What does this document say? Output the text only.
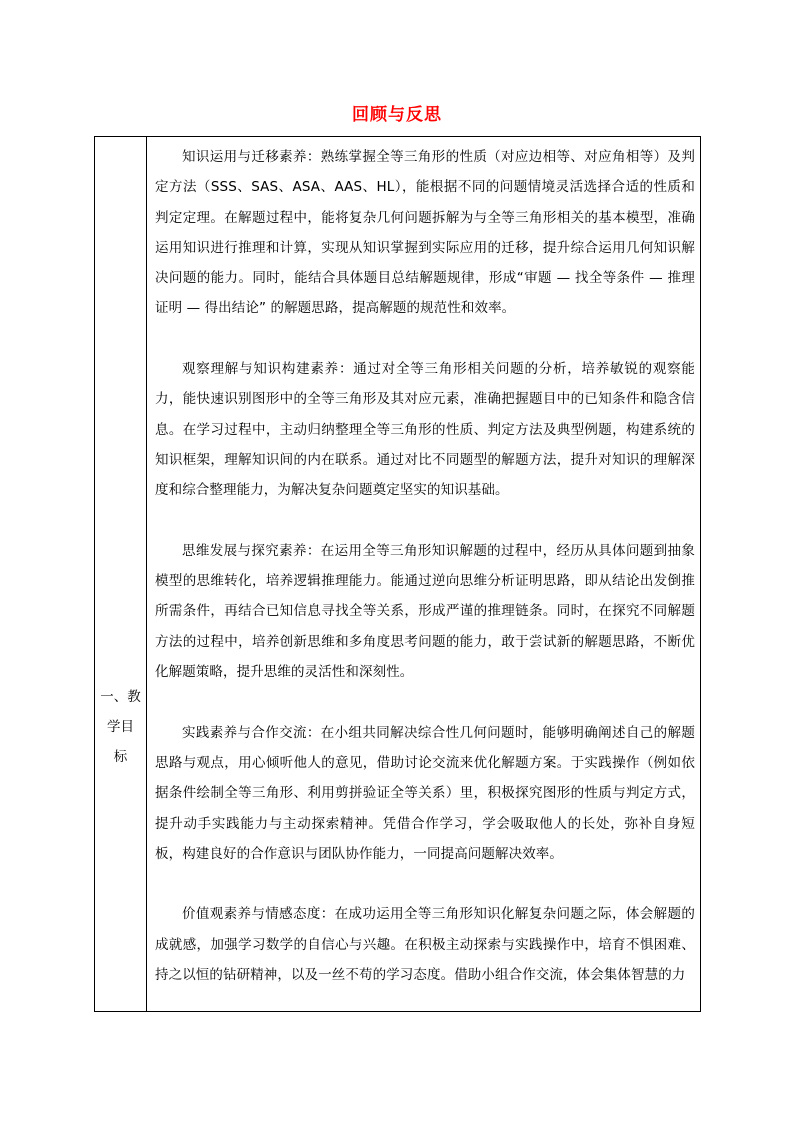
回顾与反思
一、教
学目
标

知识运用与迁移素养：熟练掌握全等三角形的性质（对应边相等、对应角相等）及判定方法（SSS、SAS、ASA、AAS、HL），能根据不同的问题情境灵活选择合适的性质和判定定理。在解题过程中，能将复杂几何问题拆解为与全等三角形相关的基本模型，准确运用知识进行推理和计算，实现从知识掌握到实际应用的迁移，提升综合运用几何知识解决问题的能力。同时，能结合具体题目总结解题规律，形成“审题 — 找全等条件 — 推理证明 — 得出结论” 的解题思路，提高解题的规范性和效率。

观察理解与知识构建素养：通过对全等三角形相关问题的分析，培养敏锐的观察能力，能快速识别图形中的全等三角形及其对应元素，准确把握题目中的已知条件和隐含信息。在学习过程中，主动归纳整理全等三角形的性质、判定方法及典型例题，构建系统的知识框架，理解知识间的内在联系。通过对比不同题型的解题方法，提升对知识的理解深度和综合整理能力，为解决复杂问题奠定坚实的知识基础。

思维发展与探究素养：在运用全等三角形知识解题的过程中，经历从具体问题到抽象模型的思维转化，培养逻辑推理能力。能通过逆向思维分析证明思路，即从结论出发倒推所需条件，再结合已知信息寻找全等关系，形成严谨的推理链条。同时，在探究不同解题方法的过程中，培养创新思维和多角度思考问题的能力，敢于尝试新的解题思路，不断优化解题策略，提升思维的灵活性和深刻性。

实践素养与合作交流：在小组共同解决综合性几何问题时，能够明确阐述自己的解题思路与观点，用心倾听他人的意见，借助讨论交流来优化解题方案。于实践操作（例如依据条件绘制全等三角形、利用剪拼验证全等关系）里，积极探究图形的性质与判定方式，提升动手实践能力与主动探索精神。凭借合作学习，学会吸取他人的长处，弥补自身短板，构建良好的合作意识与团队协作能力，一同提高问题解决效率。

价值观素养与情感态度：在成功运用全等三角形知识化解复杂问题之际，体会解题的成就感，加强学习数学的自信心与兴趣。在积极主动探索与实践操作中，培育不惧困难、持之以恒的钻研精神，以及一丝不苟的学习态度。借助小组合作交流，体会集体智慧的力
